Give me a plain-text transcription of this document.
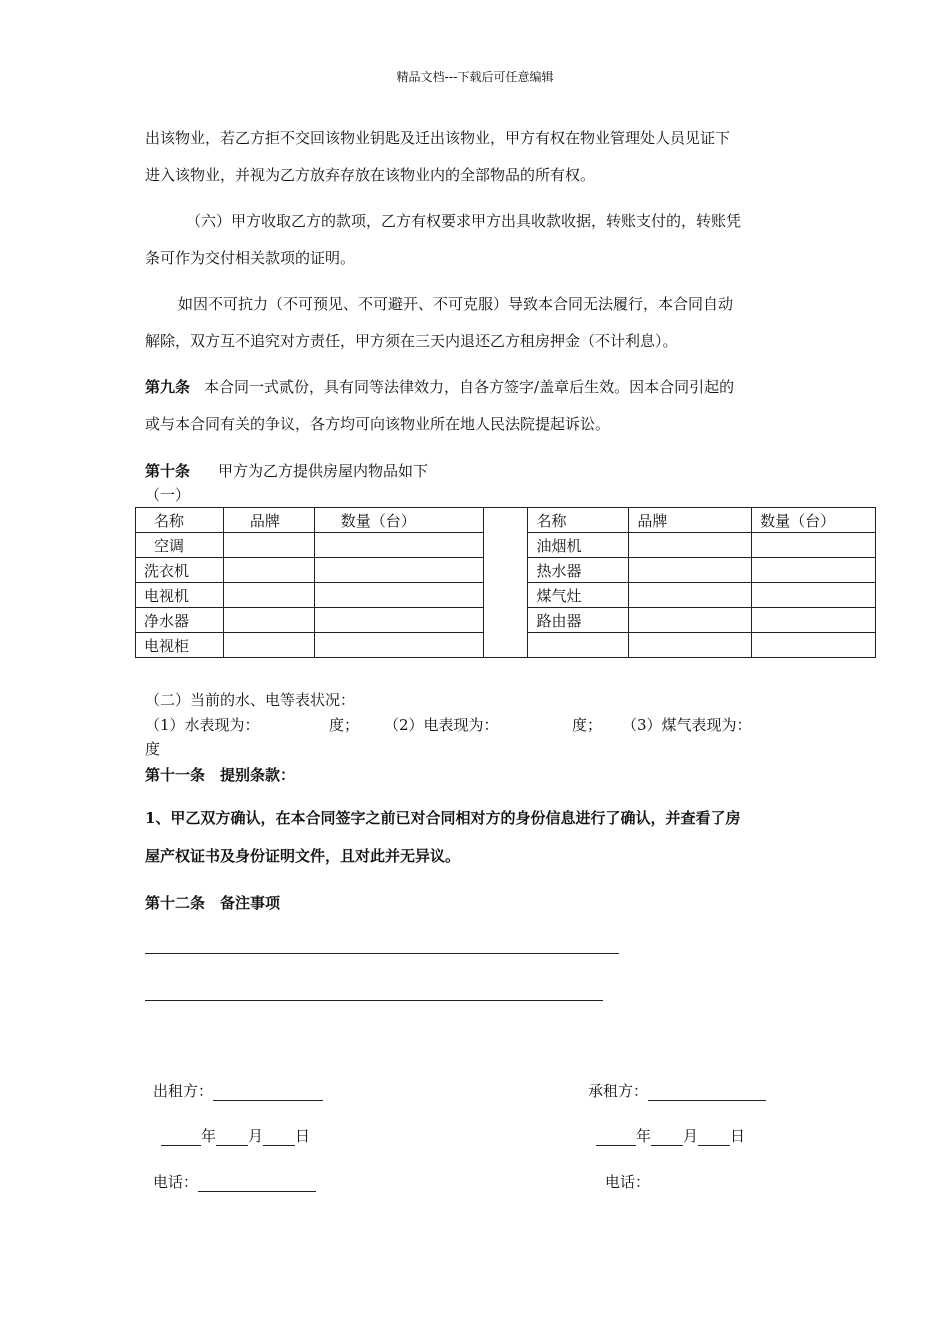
精品文档---下载后可任意编辑
出该物业，若乙方拒不交回该物业钥匙及迁出该物业，甲方有权在物业管理处人员见证下
进入该物业，并视为乙方放弃存放在该物业内的全部物品的所有权。
（六）甲方收取乙方的款项，乙方有权要求甲方出具收款收据，转账支付的，转账凭
条可作为交付相关款项的证明。
如因不可抗力（不可预见、不可避开、不可克服）导致本合同无法履行，本合同自动
解除，双方互不追究对方责任，甲方须在三天内退还乙方租房押金（不计利息）。
第九条 本合同一式贰份，具有同等法律效力，自各方签字/盖章后生效。因本合同引起的
或与本合同有关的争议，各方均可向该物业所在地人民法院提起诉讼。
第十条 甲方为乙方提供房屋内物品如下
（一）
名称	品牌	数量（台）		名称	品牌	数量（台）
空调				油烟机		
洗衣机				热水器		
电视机				煤气灶		
净水器				路由器		
电视柜						
（二）当前的水、电等表状况：
（1）水表现为：	度； （2）电表现为：	度； （3）煤气表现为：
度
第十一条　提别条款：
1、甲乙双方确认，在本合同签字之前已对合同相对方的身份信息进行了确认，并查看了房
屋产权证书及身份证明文件，且对此并无异议。
第十二条　备注事项
出租方：	承租方：
年 月 日	年 月 日
电话：	电话：
